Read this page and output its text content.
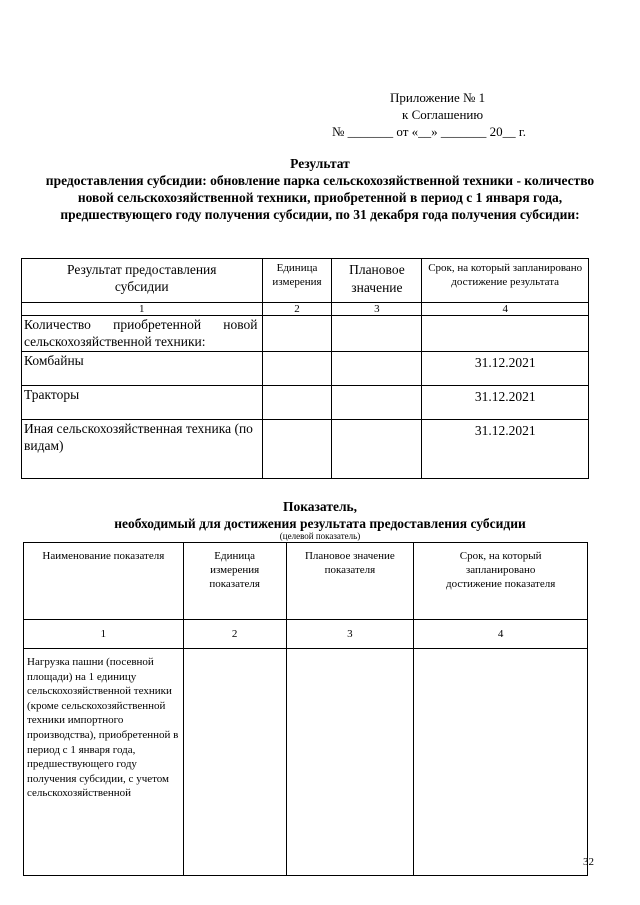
Приложение № 1
к Соглашению
№ _______ от «__» _______ 20__ г.
Результат
предоставления субсидии: обновление парка сельскохозяйственной техники - количество новой сельскохозяйственной техники, приобретенной в период с 1 января года, предшествующего году получения субсидии, по 31 декабря года получения субсидии:
Результат предоставления субсидии	Единица измерения	Плановое значение	Срок, на который запланировано достижение результата

1	2	3	4
Количество приобретенной новой сельскохозяйственной техники:			
Комбайны			31.12.2021
Тракторы			31.12.2021
Иная сельскохозяйственная техника (по видам)			31.12.2021
Показатель,
необходимый для достижения результата предоставления субсидии
(целевой показатель)
Наименование показателя	Единица измерения показателя	Плановое значение показателя	Срок, на который запланировано достижение показателя
1	2	3	4
Нагрузка пашни (посевной площади) на 1 единицу сельскохозяйственной техники (кроме сельскохозяйственной техники импортного производства), приобретенной в период с 1 января года, предшествующего году получения субсидии, с учетом сельскохозяйственной			
32
